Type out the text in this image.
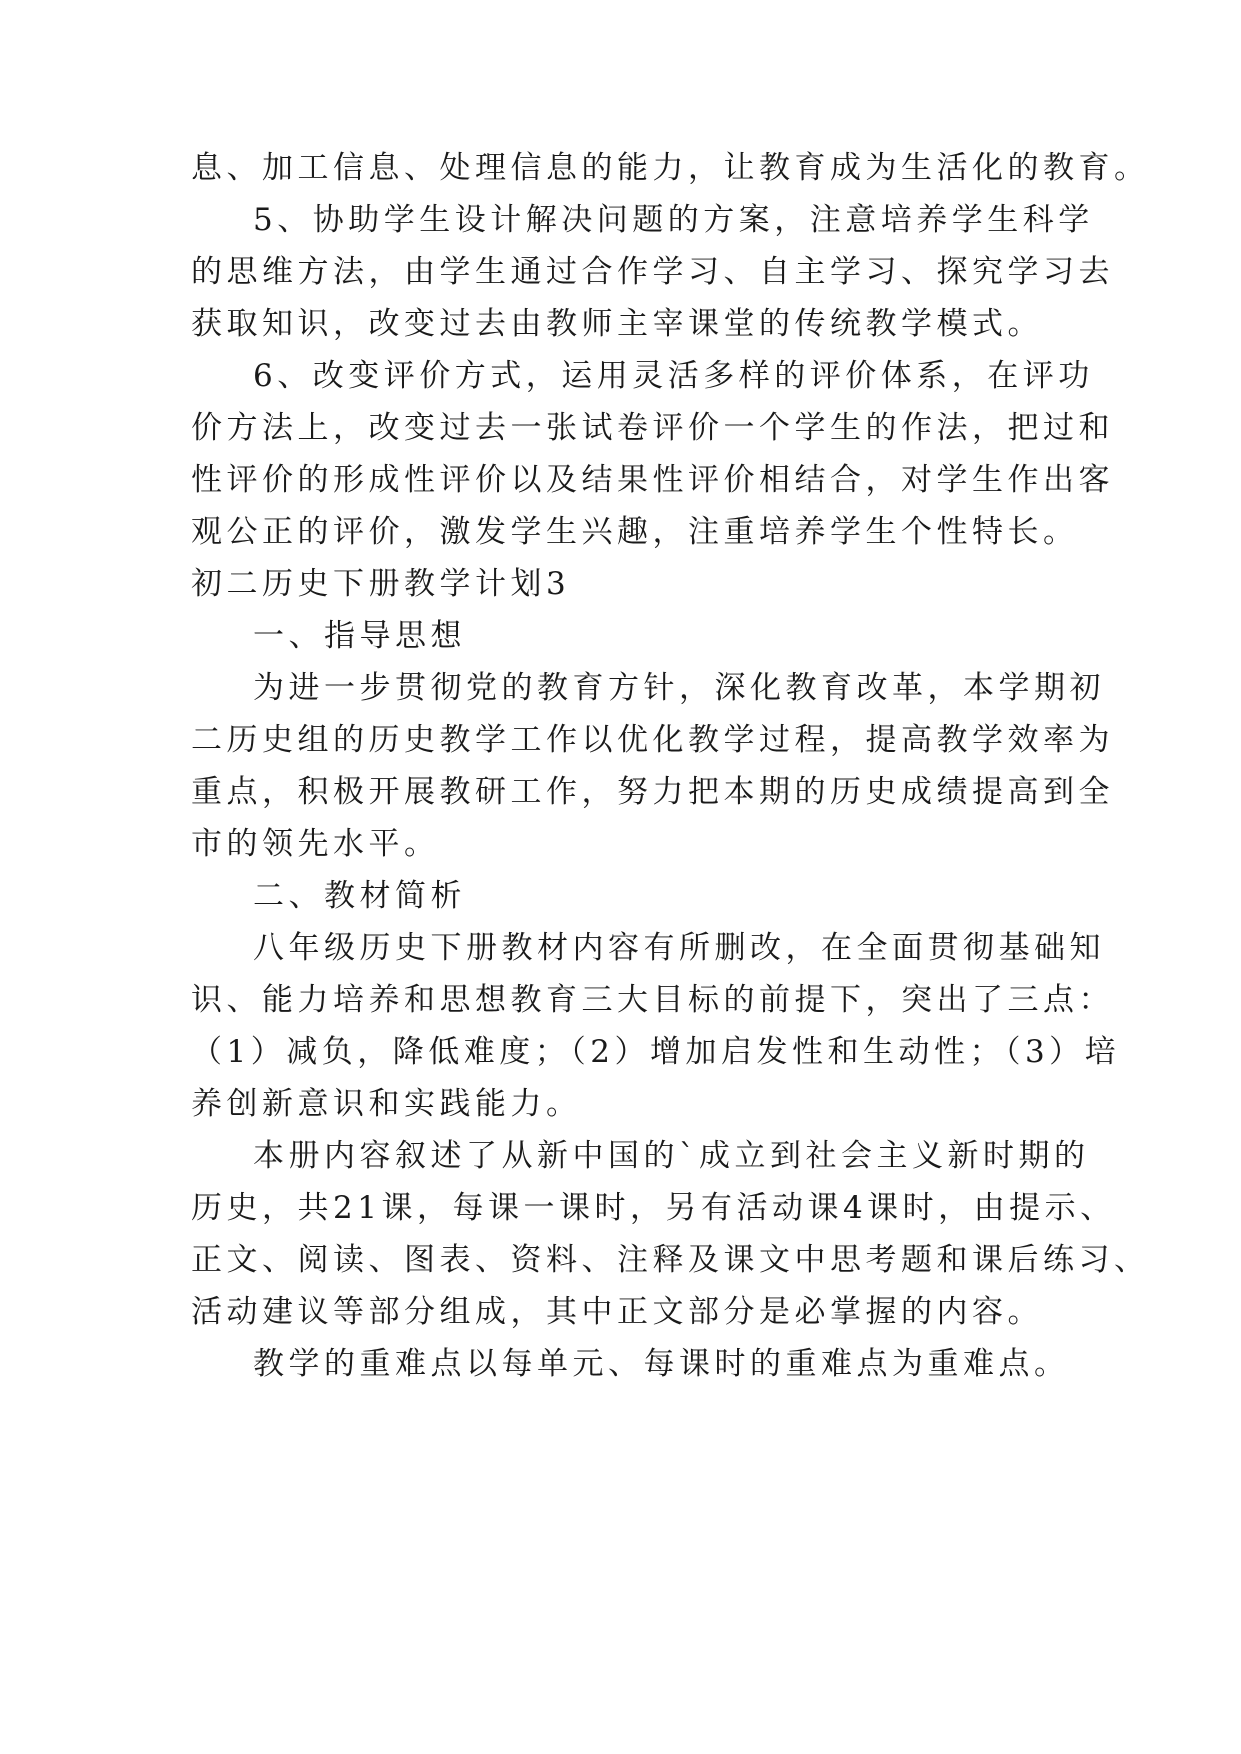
息、加工信息、处理信息的能力，让教育成为生活化的教育。
5、协助学生设计解决问题的方案，注意培养学生科学
的思维方法，由学生通过合作学习、自主学习、探究学习去
获取知识，改变过去由教师主宰课堂的传统教学模式。
6、改变评价方式，运用灵活多样的评价体系，在评功
价方法上，改变过去一张试卷评价一个学生的作法，把过和
性评价的形成性评价以及结果性评价相结合，对学生作出客
观公正的评价，激发学生兴趣，注重培养学生个性特长。
初二历史下册教学计划3
一、指导思想
为进一步贯彻党的教育方针，深化教育改革，本学期初
二历史组的历史教学工作以优化教学过程，提高教学效率为
重点，积极开展教研工作，努力把本期的历史成绩提高到全
市的领先水平。
二、教材简析
八年级历史下册教材内容有所删改，在全面贯彻基础知
识、能力培养和思想教育三大目标的前提下，突出了三点：
（1）减负，降低难度；（2）增加启发性和生动性；（3）培
养创新意识和实践能力。
本册内容叙述了从新中国的`成立到社会主义新时期的
历史，共21课，每课一课时，另有活动课4课时，由提示、
正文、阅读、图表、资料、注释及课文中思考题和课后练习、
活动建议等部分组成，其中正文部分是必掌握的内容。
教学的重难点以每单元、每课时的重难点为重难点。
